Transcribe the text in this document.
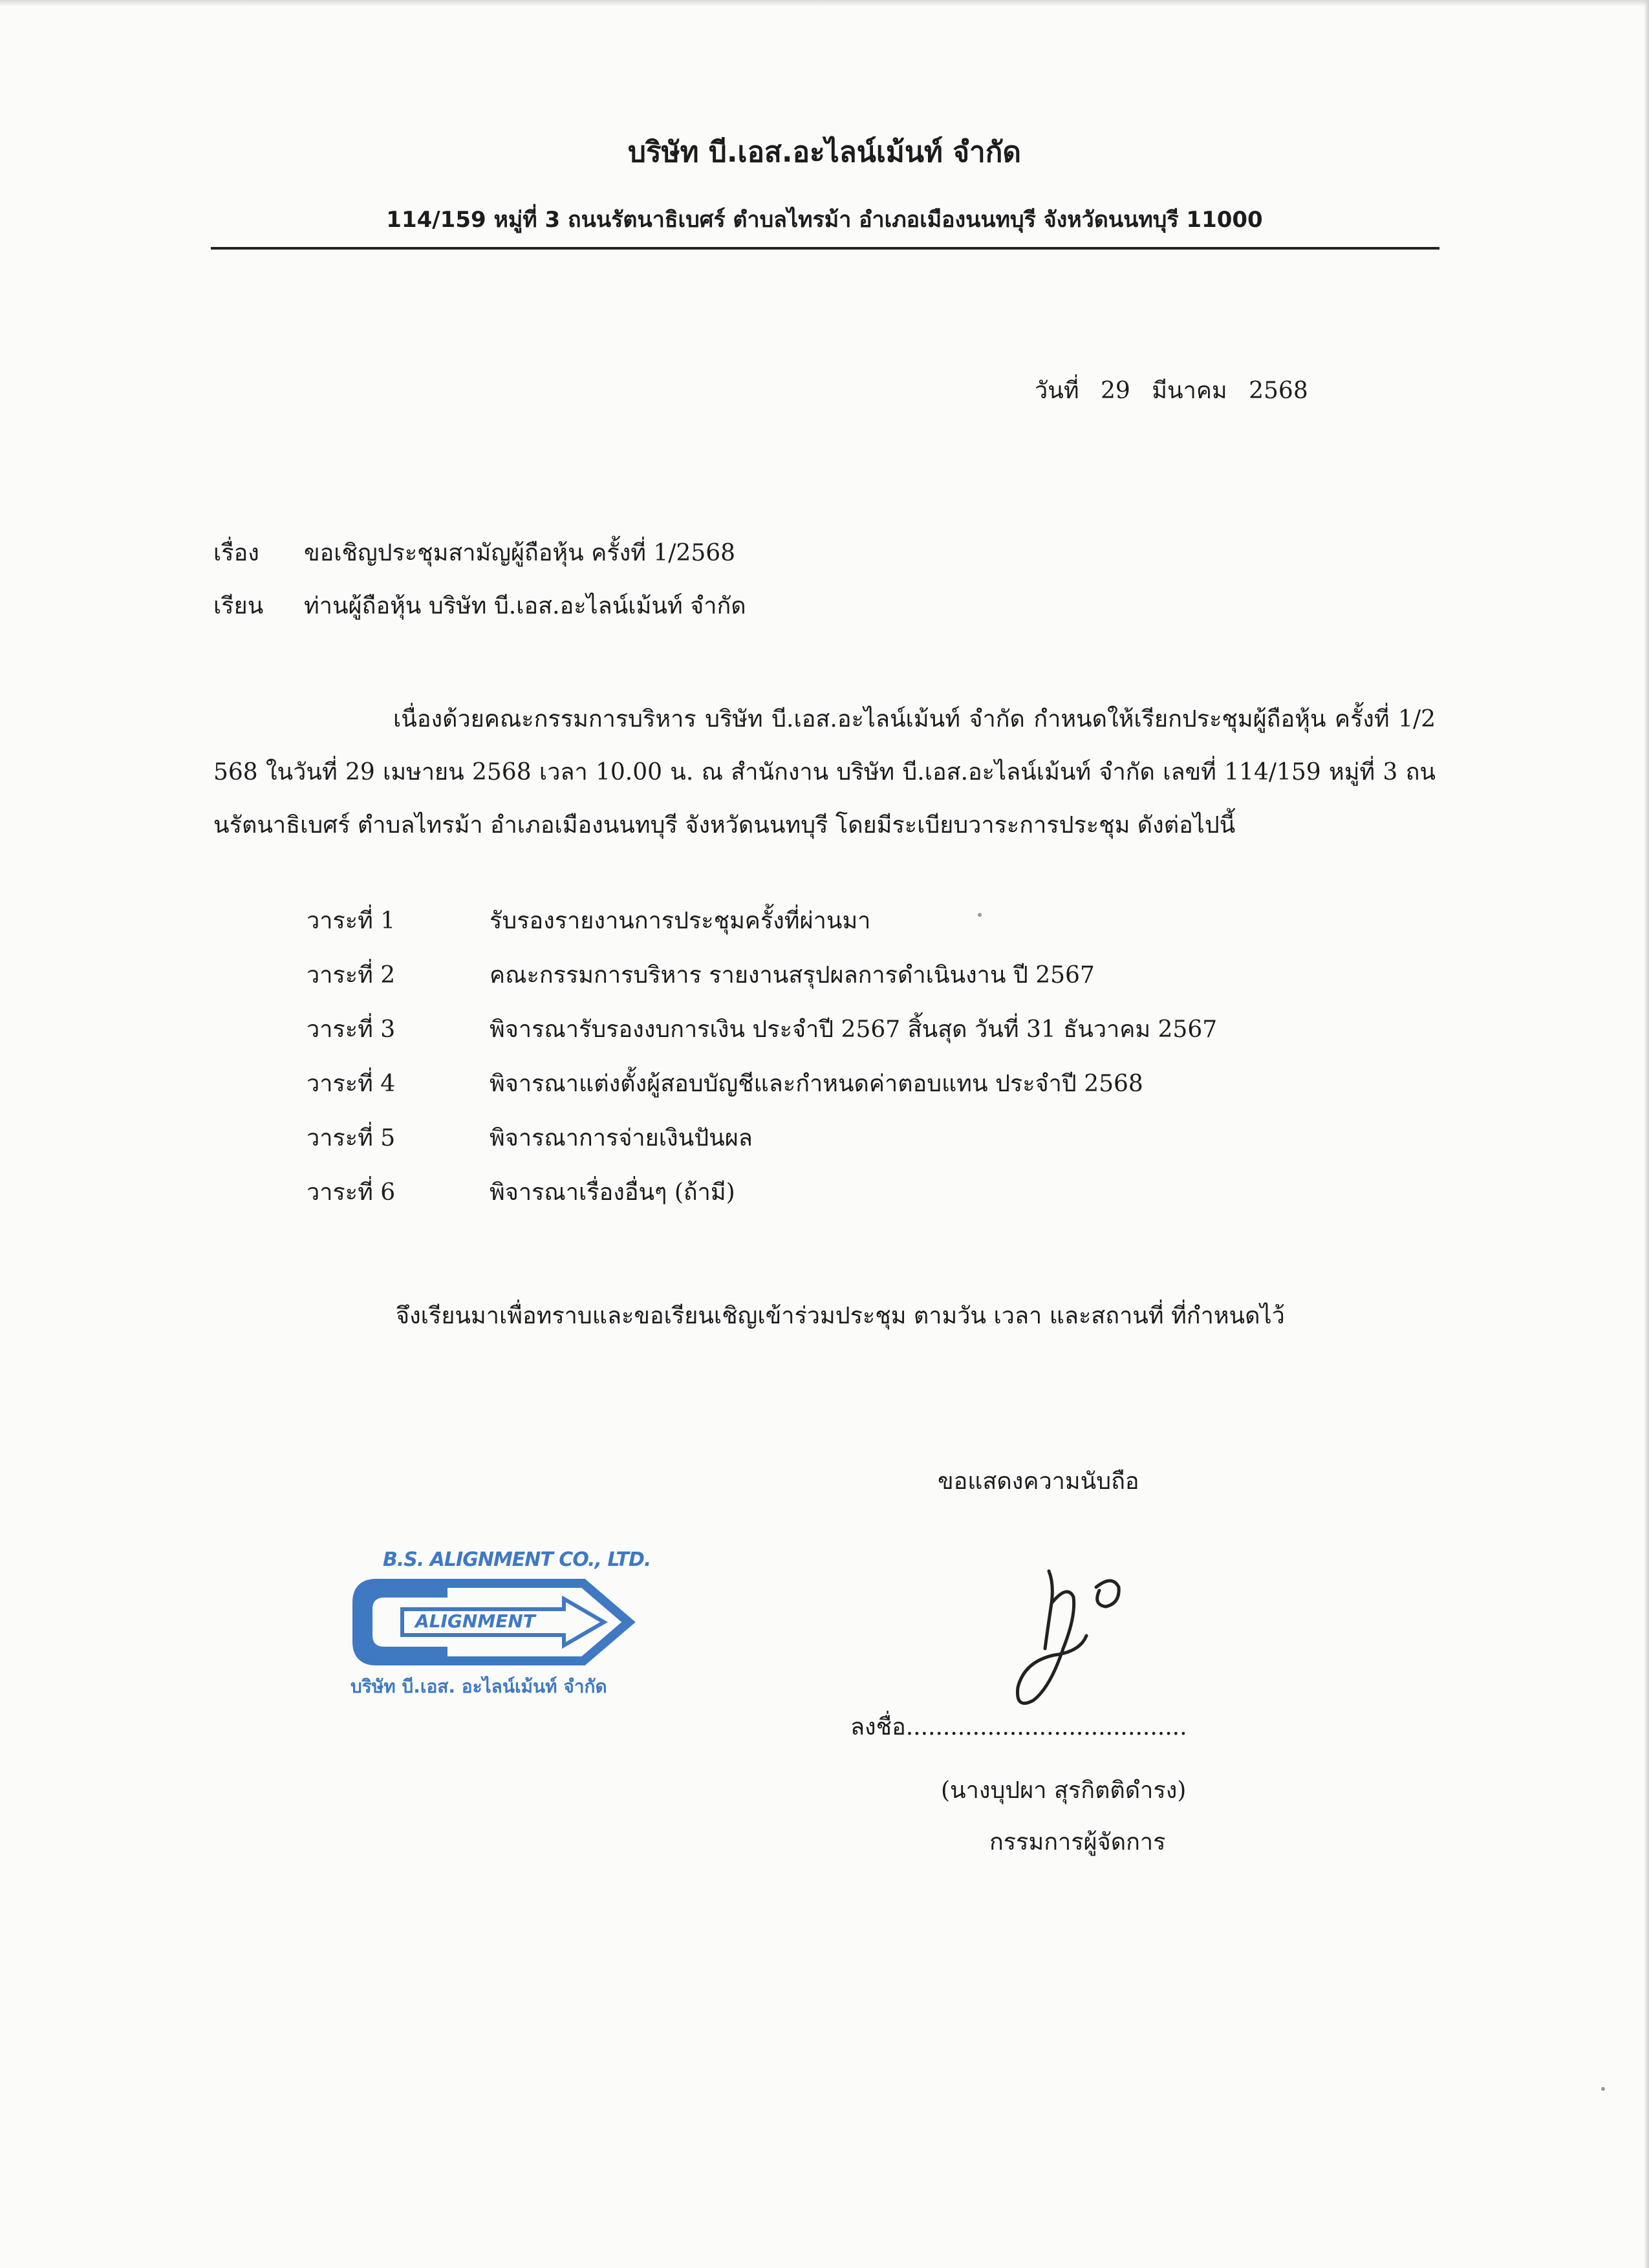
บริษัท บี.เอส.อะไลน์เม้นท์ จำกัด
114/159 หมู่ที่ 3 ถนนรัตนาธิเบศร์ ตำบลไทรม้า อำเภอเมืองนนทบุรี จังหวัดนนทบุรี 11000
วันที่ 29 มีนาคม 2568
เรื่อง ขอเชิญประชุมสามัญผู้ถือหุ้น ครั้งที่ 1/2568
เรียน ท่านผู้ถือหุ้น บริษัท บี.เอส.อะไลน์เม้นท์ จำกัด
เนื่องด้วยคณะกรรมการบริหาร บริษัท บี.เอส.อะไลน์เม้นท์ จำกัด กำหนดให้เรียกประชุมผู้ถือหุ้น ครั้งที่ 1/2568 ในวันที่ 29 เมษายน 2568 เวลา 10.00 น. ณ สำนักงาน บริษัท บี.เอส.อะไลน์เม้นท์ จำกัด เลขที่ 114/159 หมู่ที่ 3 ถนนรัตนาธิเบศร์ ตำบลไทรม้า อำเภอเมืองนนทบุรี จังหวัดนนทบุรี โดยมีระเบียบวาระการประชุม ดังต่อไปนี้
วาระที่ 1	รับรองรายงานการประชุมครั้งที่ผ่านมา
วาระที่ 2	คณะกรรมการบริหาร รายงานสรุปผลการดำเนินงาน ปี 2567
วาระที่ 3	พิจารณารับรองงบการเงิน ประจำปี 2567 สิ้นสุด วันที่ 31 ธันวาคม 2567
วาระที่ 4	พิจารณาแต่งตั้งผู้สอบบัญชีและกำหนดค่าตอบแทน ประจำปี 2568
วาระที่ 5	พิจารณาการจ่ายเงินปันผล
วาระที่ 6	พิจารณาเรื่องอื่นๆ (ถ้ามี)
จึงเรียนมาเพื่อทราบและขอเรียนเชิญเข้าร่วมประชุม ตามวัน เวลา และสถานที่ ที่กำหนดไว้
ขอแสดงความนับถือ
B.S. ALIGNMENT CO., LTD.
ALIGNMENT
บริษัท บี.เอส. อะไลน์เม้นท์ จำกัด
ลงชื่อ......................................
(นางบุปผา สุรกิตติดำรง)
กรรมการผู้จัดการ
